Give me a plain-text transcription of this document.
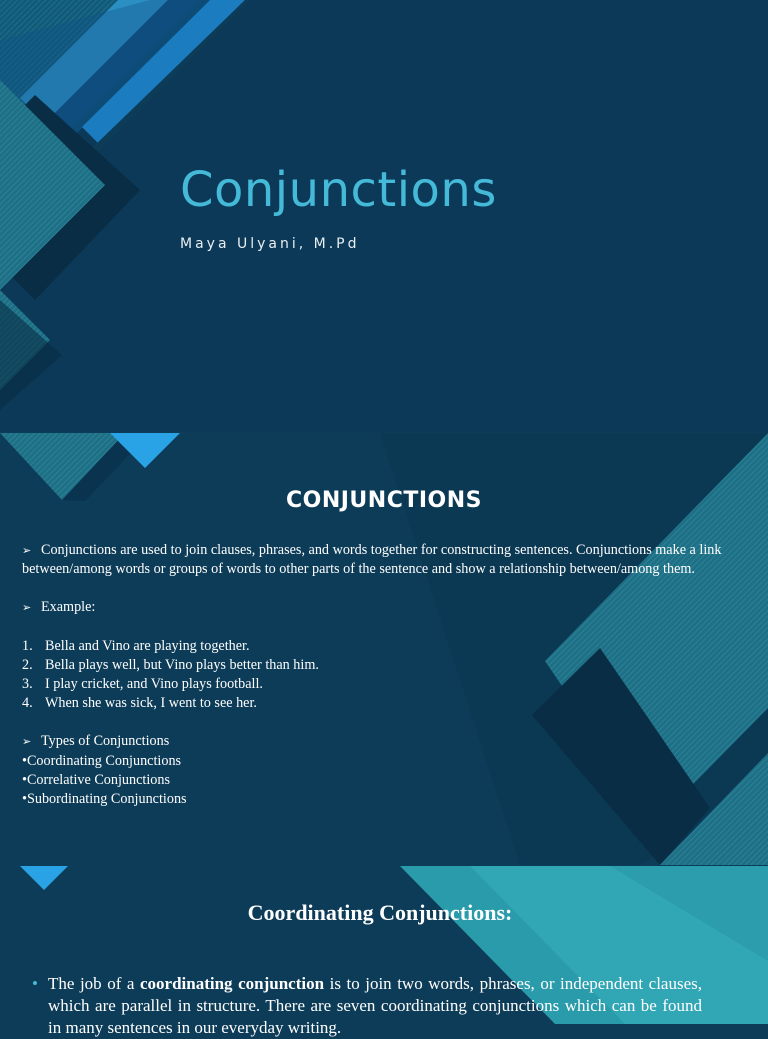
Conjunctions
Maya Ulyani, M.Pd
CONJUNCTIONS

➢ Conjunctions are used to join clauses, phrases, and words together for constructing sentences. Conjunctions make a link between/among words or groups of words to other parts of the sentence and show a relationship between/among them.

➢ Example:

1. Bella and Vino are playing together.

2. Bella plays well, but Vino plays better than him.

3. I play cricket, and Vino plays football.

4. When she was sick, I went to see her.

➢ Types of Conjunctions

•Coordinating Conjunctions

•Correlative Conjunctions

•Subordinating Conjunctions

Coordinating Conjunctions:
• The job of a coordinating conjunction is to join two words, phrases, or independent clauses, which are parallel in structure. There are seven coordinating conjunctions which can be found in many sentences in our everyday writing.
